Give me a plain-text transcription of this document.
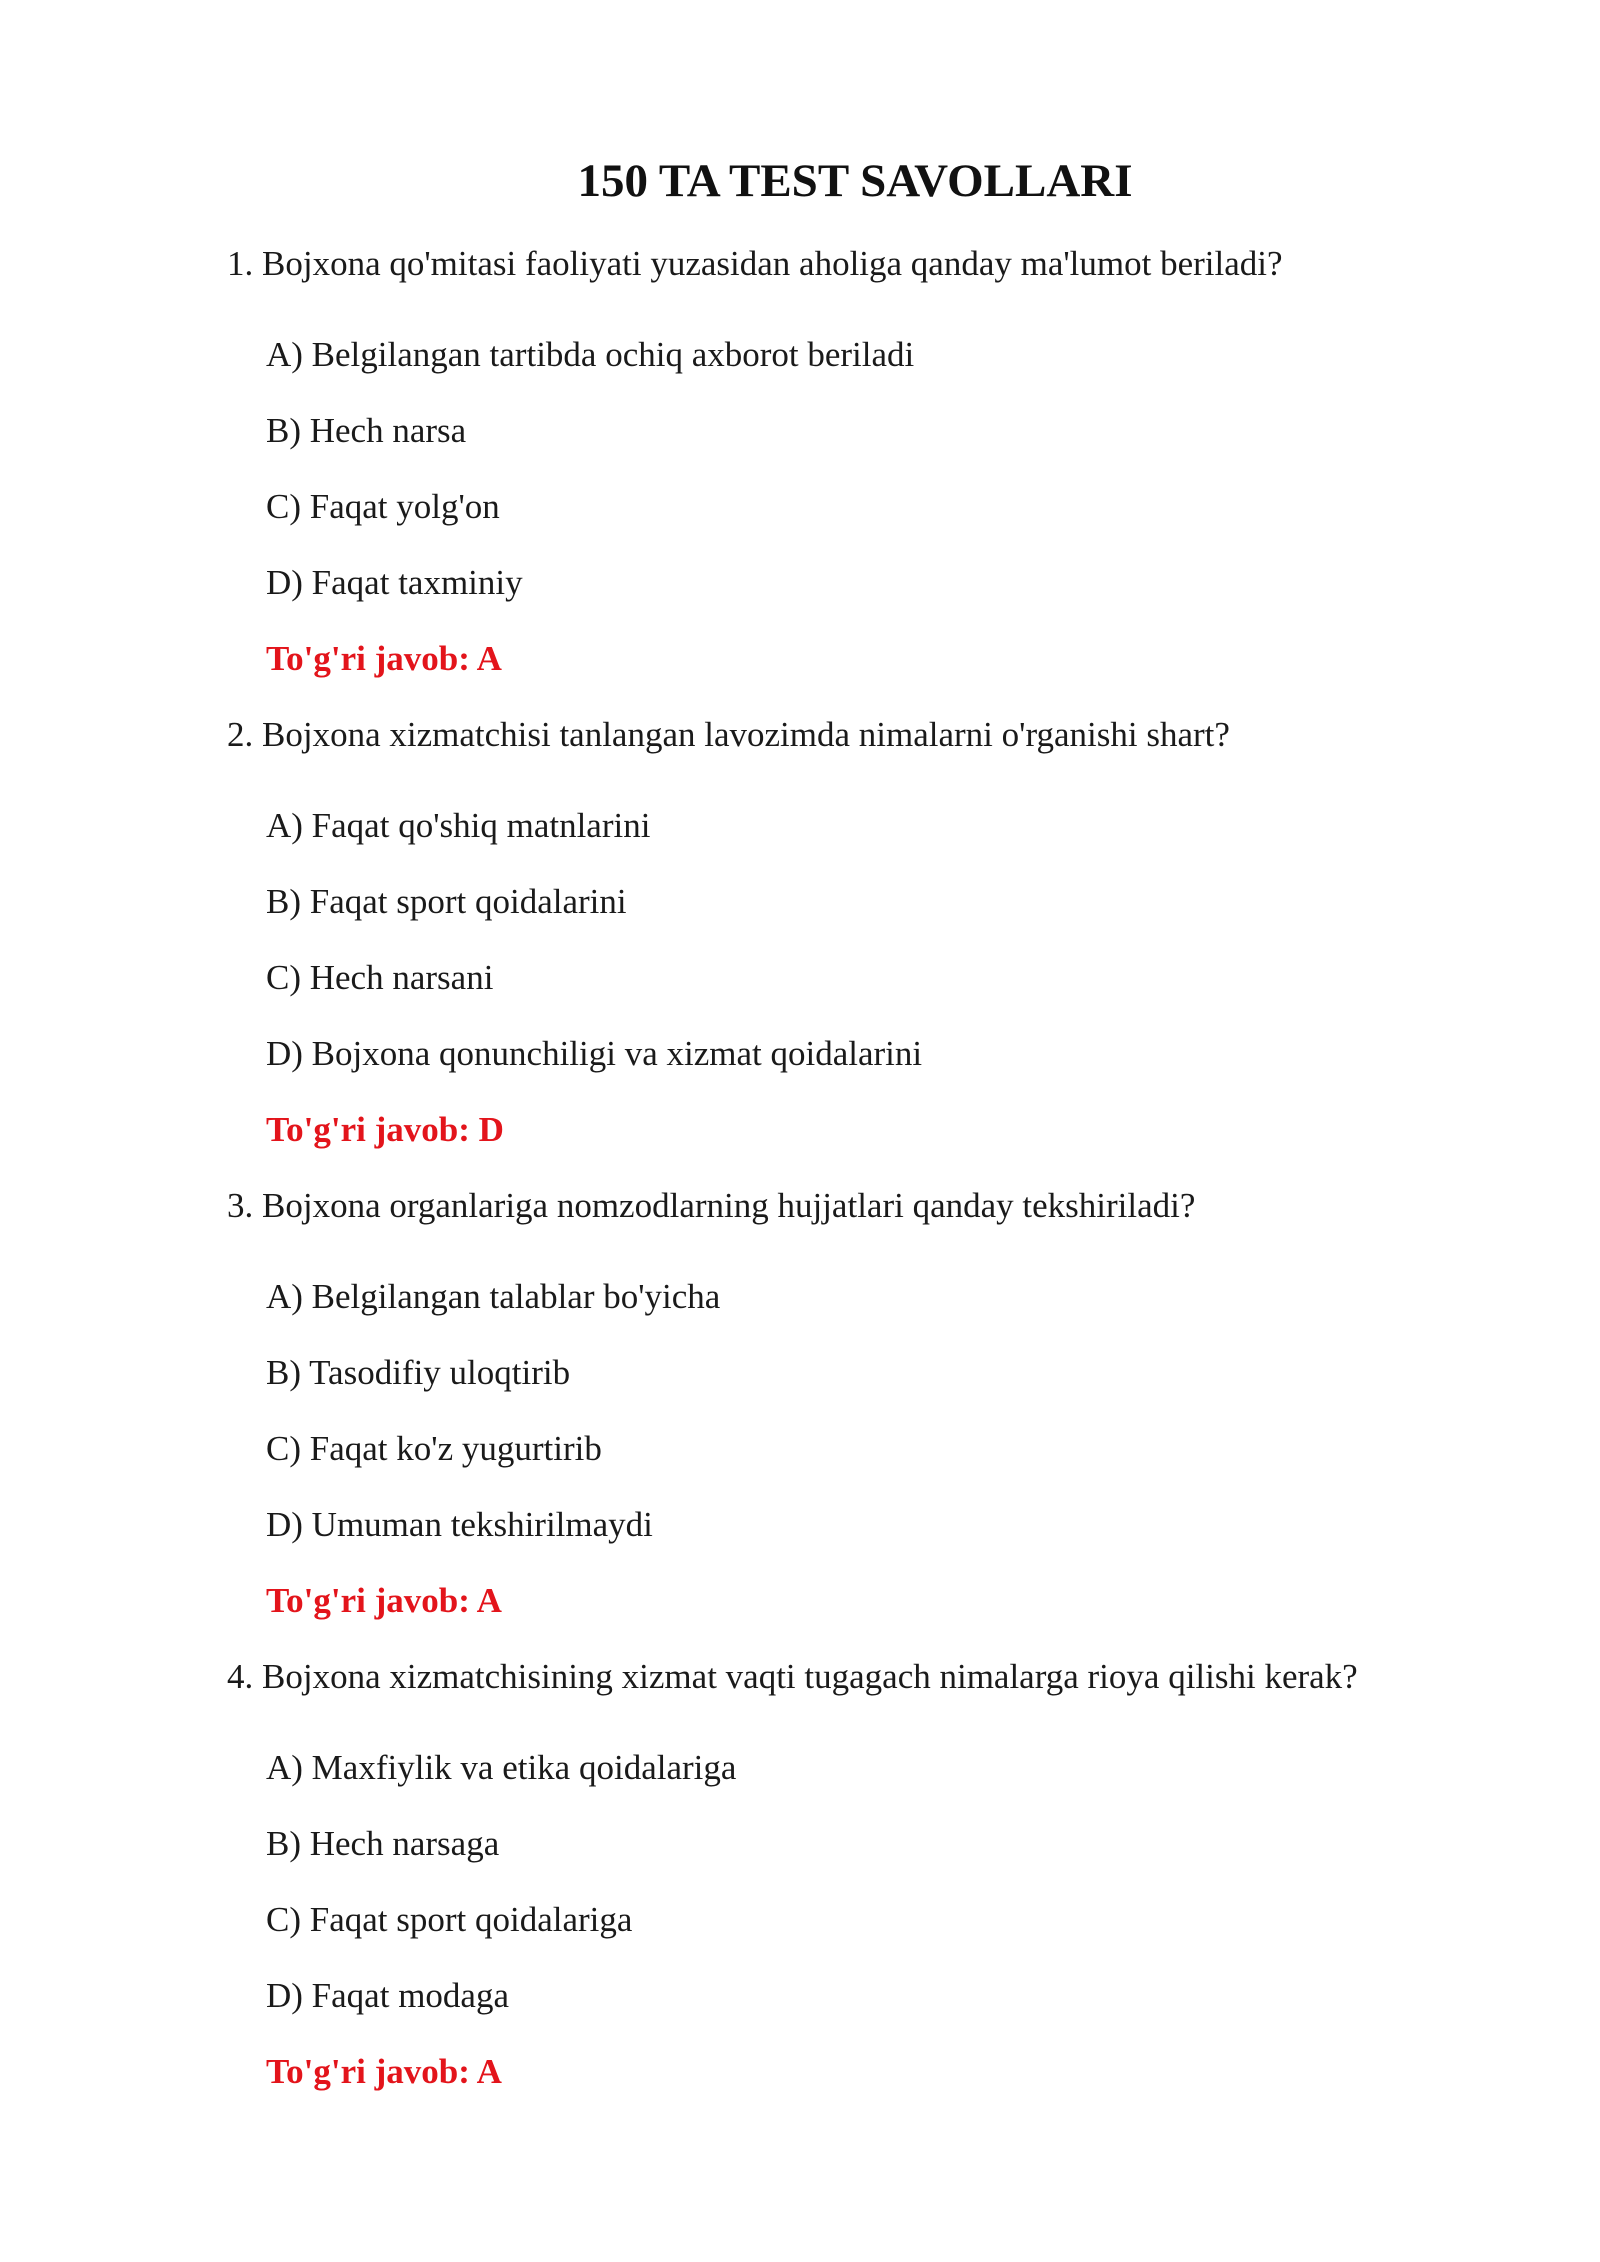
150 TA TEST SAVOLLARI
1. Bojxona qo'mitasi faoliyati yuzasidan aholiga qanday ma'lumot beriladi?
A) Belgilangan tartibda ochiq axborot beriladi
B) Hech narsa
C) Faqat yolg'on
D) Faqat taxminiy
To'g'ri javob: A
2. Bojxona xizmatchisi tanlangan lavozimda nimalarni o'rganishi shart?
A) Faqat qo'shiq matnlarini
B) Faqat sport qoidalarini
C) Hech narsani
D) Bojxona qonunchiligi va xizmat qoidalarini
To'g'ri javob: D
3. Bojxona organlariga nomzodlarning hujjatlari qanday tekshiriladi?
A) Belgilangan talablar bo'yicha
B) Tasodifiy uloqtirib
C) Faqat ko'z yugurtirib
D) Umuman tekshirilmaydi
To'g'ri javob: A
4. Bojxona xizmatchisining xizmat vaqti tugagach nimalarga rioya qilishi kerak?
A) Maxfiylik va etika qoidalariga
B) Hech narsaga
C) Faqat sport qoidalariga
D) Faqat modaga
To'g'ri javob: A
